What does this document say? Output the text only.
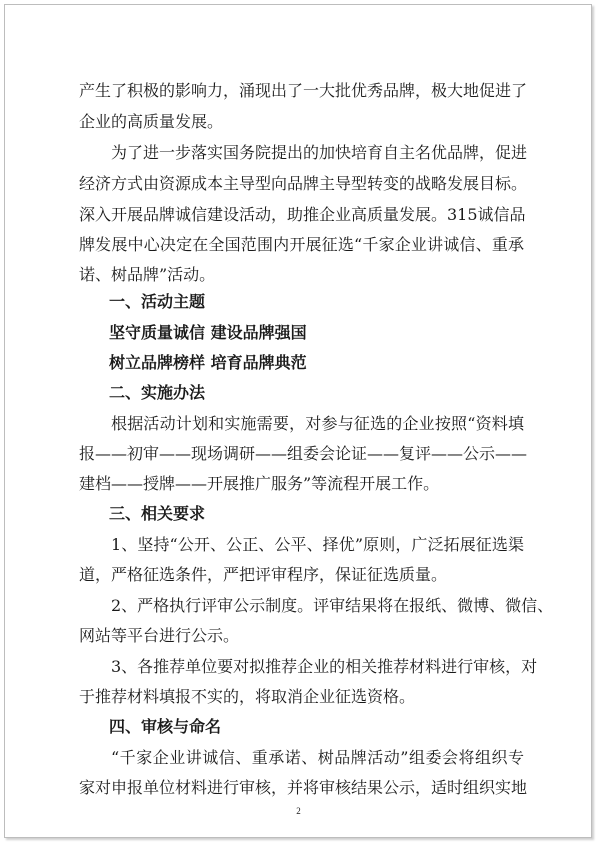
产生了积极的影响力，涌现出了一大批优秀品牌，极大地促进了
企业的高质量发展。
为了进一步落实国务院提出的加快培育自主名优品牌，促进
经济方式由资源成本主导型向品牌主导型转变的战略发展目标。
深入开展品牌诚信建设活动，助推企业高质量发展。315诚信品
牌发展中心决定在全国范围内开展征选“千家企业讲诚信、重承
诺、树品牌”活动。
一、活动主题
坚守质量诚信 建设品牌强国
树立品牌榜样 培育品牌典范
二、实施办法
根据活动计划和实施需要，对参与征选的企业按照“资料填
报——初审——现场调研——组委会论证——复评——公示——
建档——授牌——开展推广服务”等流程开展工作。
三、相关要求
1、坚持“公开、公正、公平、择优”原则，广泛拓展征选渠
道，严格征选条件，严把评审程序，保证征选质量。
2、严格执行评审公示制度。评审结果将在报纸、微博、微信、
网站等平台进行公示。
3、各推荐单位要对拟推荐企业的相关推荐材料进行审核，对
于推荐材料填报不实的，将取消企业征选资格。
四、审核与命名
“千家企业讲诚信、重承诺、树品牌活动”组委会将组织专
家对申报单位材料进行审核，并将审核结果公示，适时组织实地
2
